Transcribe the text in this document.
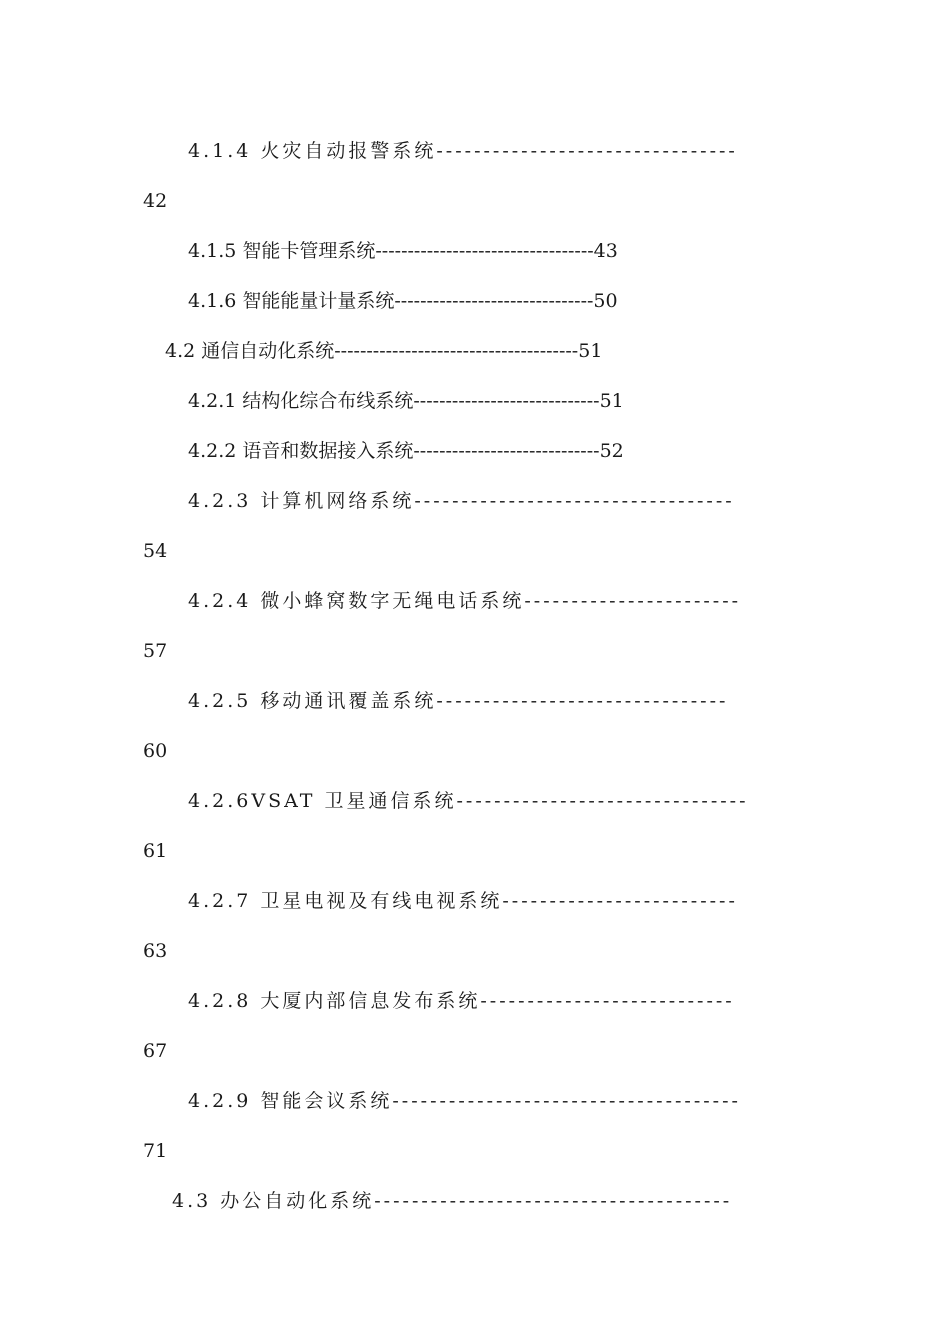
4.1.4 火灾自动报警系统--------------------------------
42
4.1.5 智能卡管理系统----------------------------------43
4.1.6 智能能量计量系统-------------------------------50
4.2 通信自动化系统--------------------------------------51
4.2.1 结构化综合布线系统-----------------------------51
4.2.2 语音和数据接入系统-----------------------------52
4.2.3 计算机网络系统----------------------------------
54
4.2.4 微小蜂窝数字无绳电话系统-----------------------
57
4.2.5 移动通讯覆盖系统-------------------------------
60
4.2.6VSAT 卫星通信系统-------------------------------
61
4.2.7 卫星电视及有线电视系统-------------------------
63
4.2.8 大厦内部信息发布系统---------------------------
67
4.2.9 智能会议系统-------------------------------------
71
4.3 办公自动化系统--------------------------------------
